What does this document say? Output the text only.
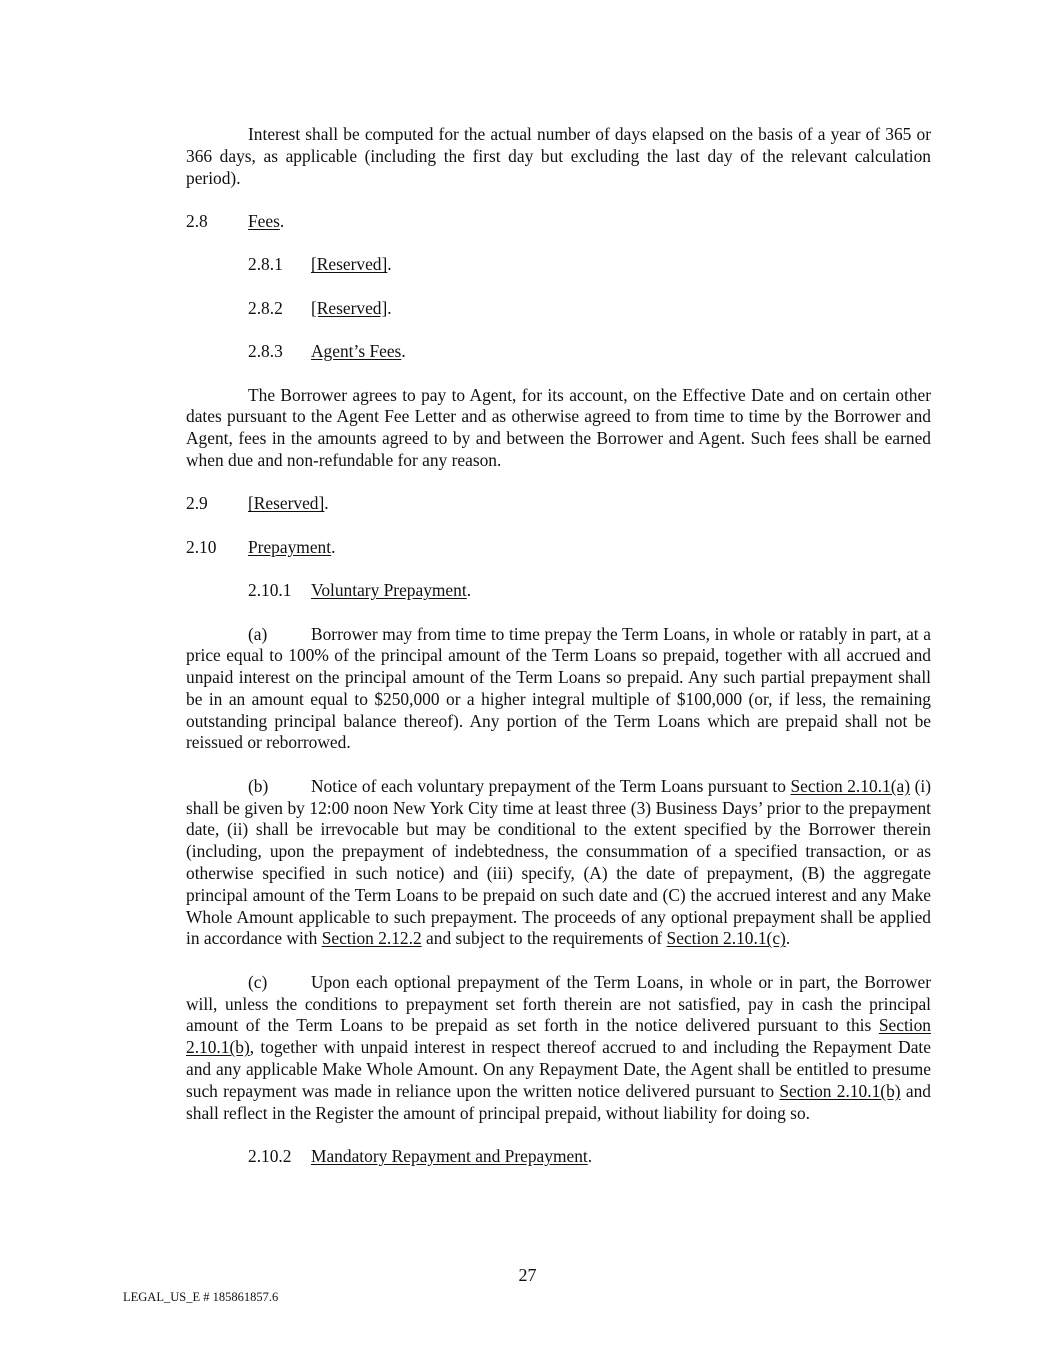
Interest shall be computed for the actual number of days elapsed on the basis of a year of 365 or 366 days, as applicable (including the first day but excluding the last day of the relevant calculation period).

2.8 Fees.

2.8.1 [Reserved].

2.8.2 [Reserved].

2.8.3 Agent’s Fees.

The Borrower agrees to pay to Agent, for its account, on the Effective Date and on certain other dates pursuant to the Agent Fee Letter and as otherwise agreed to from time to time by the Borrower and Agent, fees in the amounts agreed to by and between the Borrower and Agent. Such fees shall be earned when due and non-refundable for any reason.

2.9 [Reserved].

2.10 Prepayment.

2.10.1 Voluntary Prepayment.

(a)	Borrower may from time to time prepay the Term Loans, in whole or ratably in part, at a price equal to 100% of the principal amount of the Term Loans so prepaid, together with all accrued and unpaid interest on the principal amount of the Term Loans so prepaid. Any such partial prepayment shall be in an amount equal to $250,000 or a higher integral multiple of $100,000 (or, if less, the remaining outstanding principal balance thereof). Any portion of the Term Loans which are prepaid shall not be reissued or reborrowed.

(b) Notice of each voluntary prepayment of the Term Loans pursuant to Section 2.10.1(a) (i) shall be given by 12:00 noon New York City time at least three (3) Business Days’ prior to the prepayment date, (ii) shall be irrevocable but may be conditional to the extent specified by the Borrower therein (including, upon the prepayment of indebtedness, the consummation of a specified transaction, or as otherwise specified in such notice) and (iii) specify, (A) the date of prepayment, (B) the aggregate principal amount of the Term Loans to be prepaid on such date and (C) the accrued interest and any Make Whole Amount applicable to such prepayment. The proceeds of any optional prepayment shall be applied in accordance with Section 2.12.2 and subject to the requirements of Section 2.10.1(c).

(c)	Upon each optional prepayment of the Term Loans, in whole or in part, the Borrower will, unless the conditions to prepayment set forth therein are not satisfied, pay in cash the principal amount of the Term Loans to be prepaid as set forth in the notice delivered pursuant to this Section 2.10.1(b), together with unpaid interest in respect thereof accrued to and including the Repayment Date and any applicable Make Whole Amount. On any Repayment Date, the Agent shall be entitled to presume such repayment was made in reliance upon the written notice delivered pursuant to Section 2.10.1(b) and shall reflect in the Register the amount of principal prepaid, without liability for doing so.

2.10.2 Mandatory Repayment and Prepayment.

27
LEGAL_US_E # 185861857.6
